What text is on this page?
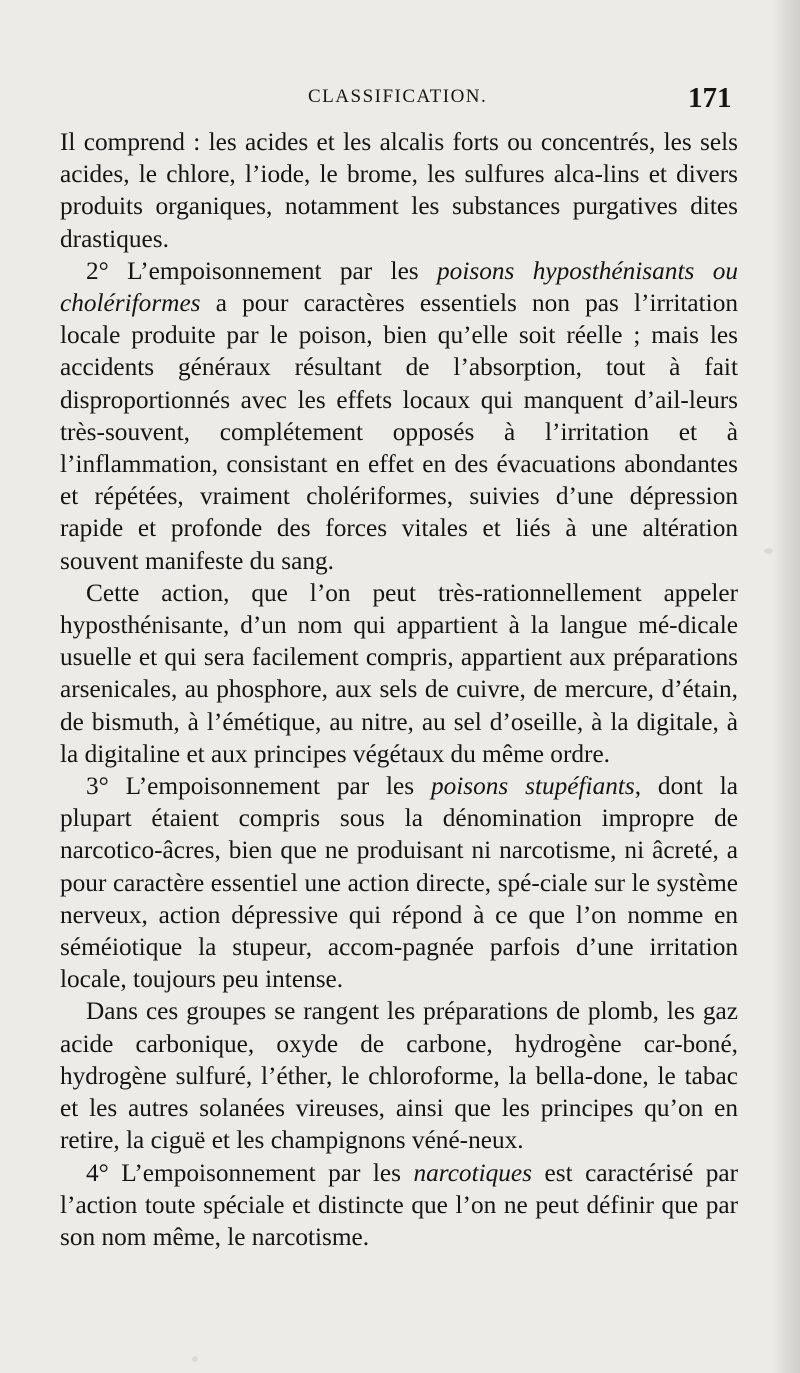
CLASSIFICATION.	171

Il comprend : les acides et les alcalis forts ou concentrés, les sels acides, le chlore, l’iode, le brome, les sulfures alca-lins et divers produits organiques, notamment les substances purgatives dites drastiques.

2° L’empoisonnement par les poisons hyposthénisants ou cholériformes a pour caractères essentiels non pas l’irritation locale produite par le poison, bien qu’elle soit réelle ; mais les accidents généraux résultant de l’absorption, tout à fait disproportionnés avec les effets locaux qui manquent d’ail-leurs très-souvent, complétement opposés à l’irritation et à l’inflammation, consistant en effet en des évacuations abondantes et répétées, vraiment cholériformes, suivies d’une dépression rapide et profonde des forces vitales et liés à une altération souvent manifeste du sang.

Cette action, que l’on peut très-rationnellement appeler hyposthénisante, d’un nom qui appartient à la langue mé-dicale usuelle et qui sera facilement compris, appartient aux préparations arsenicales, au phosphore, aux sels de cuivre, de mercure, d’étain, de bismuth, à l’émétique, au nitre, au sel d’oseille, à la digitale, à la digitaline et aux principes végétaux du même ordre.

3° L’empoisonnement par les poisons stupéfiants, dont la plupart étaient compris sous la dénomination impropre de narcotico-âcres, bien que ne produisant ni narcotisme, ni âcreté, a pour caractère essentiel une action directe, spé-ciale sur le système nerveux, action dépressive qui répond à ce que l’on nomme en séméiotique la stupeur, accom-pagnée parfois d’une irritation locale, toujours peu intense.

Dans ces groupes se rangent les préparations de plomb, les gaz acide carbonique, oxyde de carbone, hydrogène car-boné, hydrogène sulfuré, l’éther, le chloroforme, la bella-done, le tabac et les autres solanées vireuses, ainsi que les principes qu’on en retire, la ciguë et les champignons véné-neux.

4° L’empoisonnement par les narcotiques est caractérisé par l’action toute spéciale et distincte que l’on ne peut définir que par son nom même, le narcotisme.
